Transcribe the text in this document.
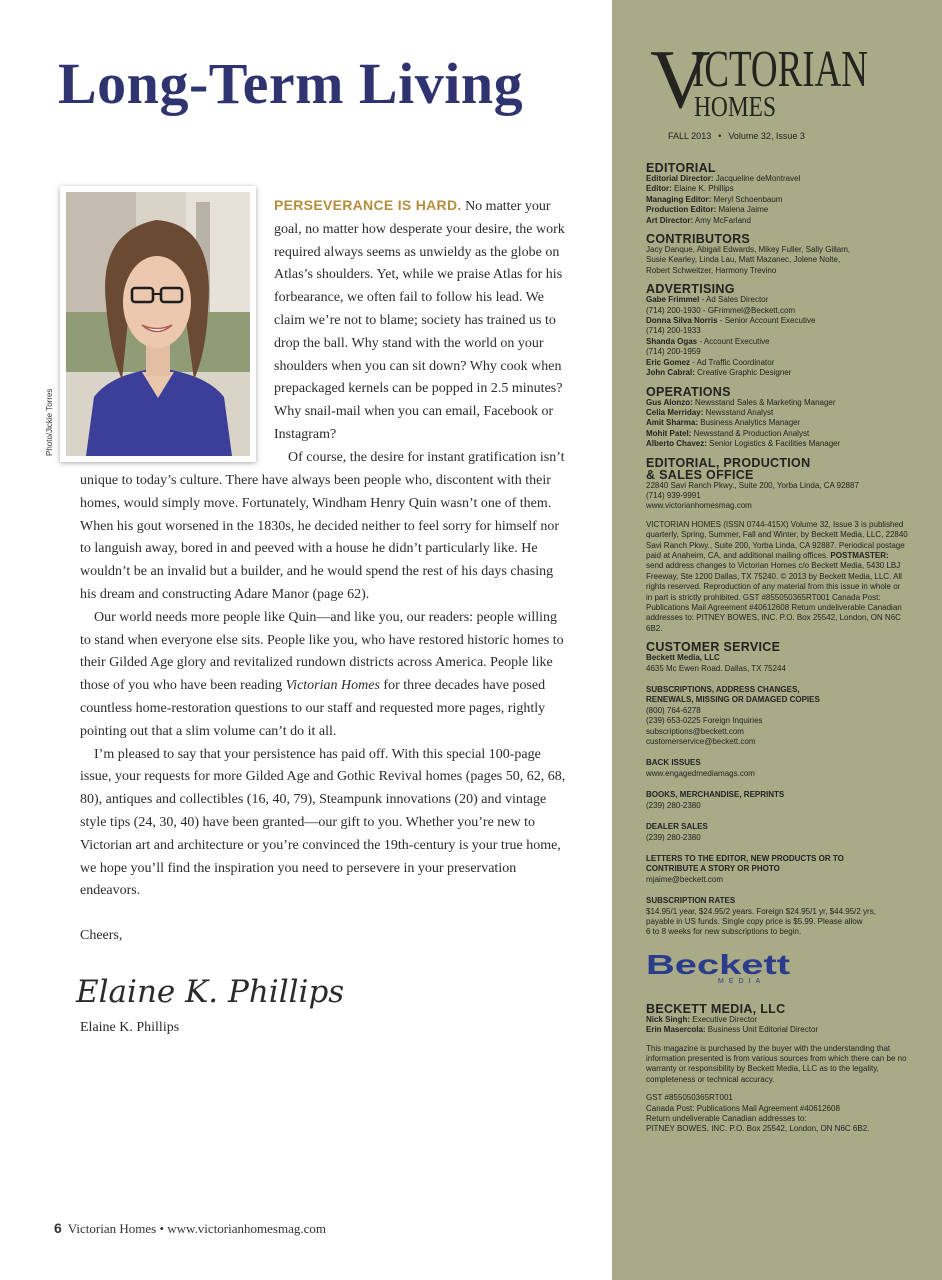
Long-Term Living
Photo/Jickie Torres

PERSEVERANCE IS HARD. No matter your goal, no matter how desperate your desire, the work required always seems as unwieldy as the globe on Atlas’s shoulders. Yet, while we praise Atlas for his forbearance, we often fail to follow his lead. We claim we’re not to blame; society has trained us to drop the ball. Why stand with the world on your shoulders when you can sit down? Why cook when prepackaged kernels can be popped in 2.5 minutes? Why snail-mail when you can email, Facebook or Instagram?

Of course, the desire for instant gratification isn’t

unique to today’s culture. There have always been people who, discontent with their homes, would simply move. Fortunately, Windham Henry Quin wasn’t one of them. When his gout worsened in the 1830s, he decided neither to feel sorry for himself nor to languish away, bored in and peeved with a house he didn’t particularly like. He wouldn’t be an invalid but a builder, and he would spend the rest of his days chasing his dream and constructing Adare Manor (page 62).

Our world needs more people like Quin—and like you, our readers: people willing to stand when everyone else sits. People like you, who have restored historic homes to their Gilded Age glory and revitalized rundown districts across America. People like those of you who have been reading Victorian Homes for three decades have posed countless home-restoration questions to our staff and requested more pages, rightly pointing out that a slim volume can’t do it all.

I’m pleased to say that your persistence has paid off. With this special 100-page issue, your requests for more Gilded Age and Gothic Revival homes (pages 50, 62, 68, 80), antiques and collectibles (16, 40, 79), Steampunk innovations (20) and vintage style tips (24, 30, 40) have been granted—our gift to you. Whether you’re new to Victorian art and architecture or you’re convinced the 19th-century is your true home, we hope you’ll find the inspiration you need to persevere in your preservation endeavors.

Cheers,
Elaine K. Phillips
Elaine K. Phillips
6 Victorian Homes • www.victorianhomesmag.com
V
ICTORIAN
HOMES
FALL 2013 • Volume 32, Issue 3

EDITORIAL

Editorial Director: Jacqueline deMontravel
Editor: Elaine K. Phillips
Managing Editor: Meryl Schoenbaum
Production Editor: Malena Jaime
Art Director: Amy McFarland

CONTRIBUTORS

Jacy Danque, Abigail Edwards, Mikey Fuller, Sally Gillam,
Susie Kearley, Linda Lau, Matt Mazanec, Jolene Nolte,
Robert Schweitzer, Harmony Trevino

ADVERTISING

Gabe Frimmel - Ad Sales Director
(714) 200-1930 - GFrimmel@Beckett.com
Donna Silva Norris - Senior Account Executive
(714) 200-1933
Shanda Ogas - Account Executive
(714) 200-1959
Eric Gomez - Ad Traffic Coordinator
John Cabral: Creative Graphic Designer

OPERATIONS

Gus Alonzo: Newsstand Sales & Marketing Manager
Celia Merriday: Newsstand Analyst
Amit Sharma: Business Analytics Manager
Mohit Patel: Newsstand & Production Analyst
Alberto Chavez: Senior Logistics & Facilities Manager

EDITORIAL, PRODUCTION
& SALES OFFICE

22840 Savi Ranch Pkwy., Suite 200, Yorba Linda, CA 92887
(714) 939-9991
www.victorianhomesmag.com
VICTORIAN HOMES (ISSN 0744-415X) Volume 32, Issue 3 is published quarterly, Spring, Summer, Fall and Winter, by Beckett Media, LLC, 22840 Savi Ranch Pkwy., Suite 200, Yorba Linda, CA 92887. Periodical postage paid at Anaheim, CA, and additional mailing offices. POSTMASTER: send address changes to Victorian Homes c/o Beckett Media, 5430 LBJ Freeway, Ste 1200 Dallas, TX 75240. © 2013 by Beckett Media, LLC. All rights reserved. Reproduction of any material from this issue in whole or in part is strictly prohibited. GST #855050365RT001 Canada Post: Publications Mail Agreement #40612608 Return undeliverable Canadian addresses to: PITNEY BOWES, INC. P.O. Box 25542, London, ON N6C 6B2.

CUSTOMER SERVICE

Beckett Media, LLC
4635 Mc Ewen Road. Dallas, TX 75244
SUBSCRIPTIONS, ADDRESS CHANGES,
RENEWALS, MISSING OR DAMAGED COPIES
(800) 764-6278
(239) 653-0225 Foreign Inquiries
subscriptions@beckett.com
customerservice@beckett.com
BACK ISSUES
www.engagedmediamags.com
BOOKS, MERCHANDISE, REPRINTS
(239) 280-2380
DEALER SALES
(239) 280-2380
LETTERS TO THE EDITOR, NEW PRODUCTS OR TO
CONTRIBUTE A STORY OR PHOTO
mjaime@beckett.com
SUBSCRIPTION RATES
$14.95/1 year, $24.95/2 years. Foreign $24.95/1 yr, $44.95/2 yrs,
payable in US funds. Single copy price is $5.99. Please allow
6 to 8 weeks for new subscriptions to begin.
Beckett
MEDIA

BECKETT MEDIA, LLC

Nick Singh: Executive Director
Erin Masercola: Business Unit Editorial Director
This magazine is purchased by the buyer with the understanding that information presented is from various sources from which there can be no warranty or responsibility by Beckett Media, LLC as to the legality, completeness or technical accuracy.
GST #855050365RT001
Canada Post: Publications Mail Agreement #40612608
Return undeliverable Canadian addresses to:
PITNEY BOWES, INC. P.O. Box 25542, London, ON N6C 6B2.
